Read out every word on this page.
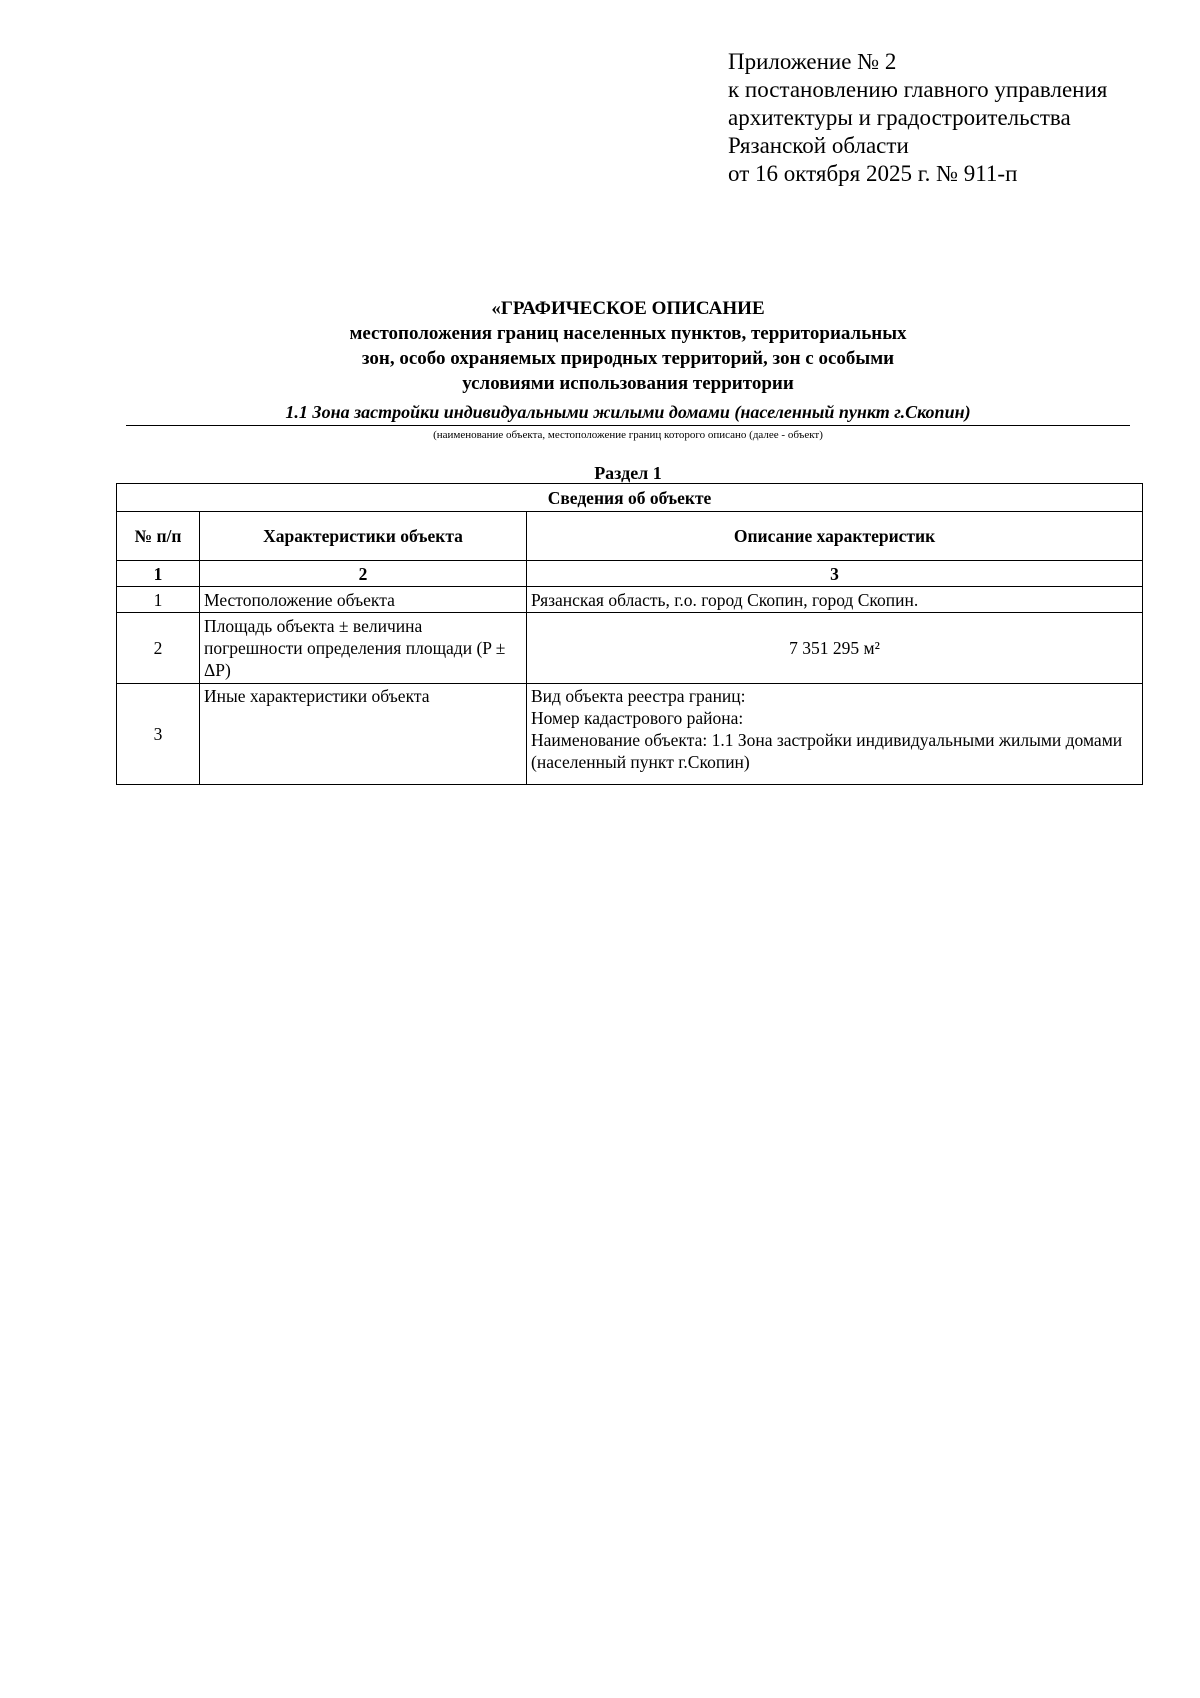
Приложение № 2
к постановлению главного управления
архитектуры и градостроительства
Рязанской области
от 16 октября 2025 г. № 911-п
«ГРАФИЧЕСКОЕ ОПИСАНИЕ
местоположения границ населенных пунктов, территориальных
зон, особо охраняемых природных территорий, зон с особыми
условиями использования территории
1.1 Зона застройки индивидуальными жилыми домами (населенный пункт г.Скопин)
(наименование объекта, местоположение границ которого описано (далее - объект)
Раздел 1
Сведения об объекте		
№ п/п	Характеристики объекта	Описание характеристик
1	2	3
1	Местоположение объекта	Рязанская область, г.о. город Скопин, город Скопин.

2	Площадь объекта ± величина погрешности определения площади (P ± ΔP)	7 351 295 м²

3	Иные характеристики объекта	Вид объекта реестра границ:
Номер кадастрового района:
Наименование объекта: 1.1 Зона застройки индивидуальными жилыми домами (населенный пункт г.Скопин)
